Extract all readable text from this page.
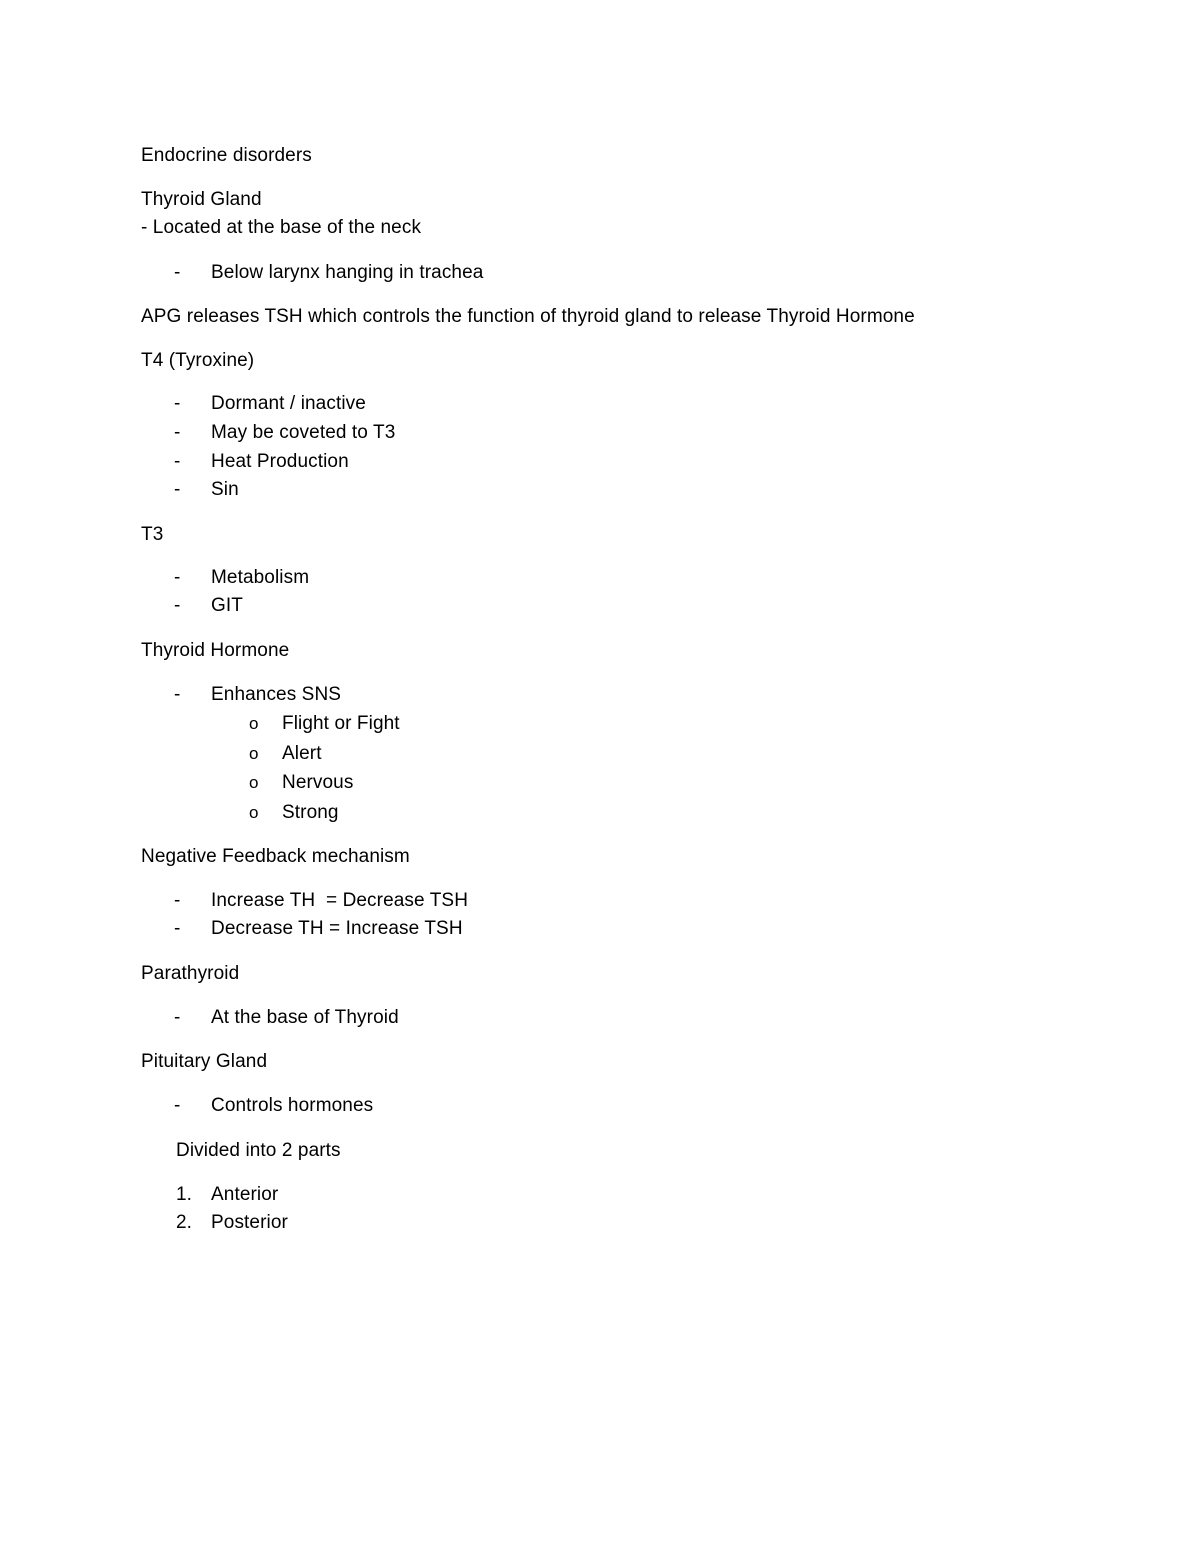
Endocrine disorders
Thyroid Gland
- Located at the base of the neck
- Below larynx hanging in trachea
APG releases TSH which controls the function of thyroid gland to release Thyroid Hormone
T4 (Tyroxine)
- Dormant / inactive
- May be coveted to T3
- Heat Production
- Sin
T3
- Metabolism
- GIT
Thyroid Hormone
- Enhances SNS
o Flight or Fight
o Alert
o Nervous
o Strong
Negative Feedback mechanism
- Increase TH  = Decrease TSH
- Decrease TH = Increase TSH
Parathyroid
- At the base of Thyroid
Pituitary Gland
- Controls hormones
Divided into 2 parts
1. Anterior
2. Posterior
